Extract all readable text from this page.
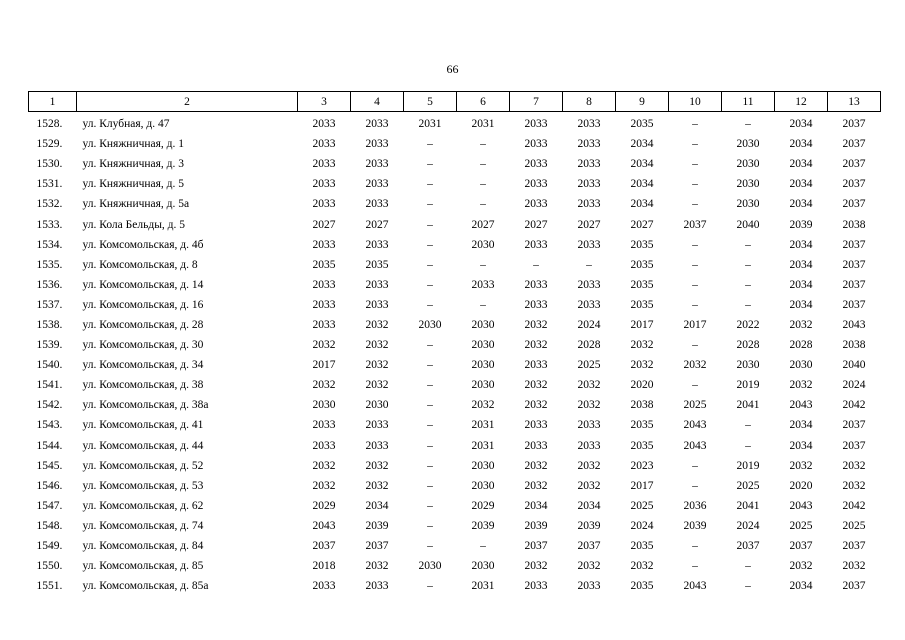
66
1	2	3	4	5	6	7	8	9	10	11	12	13
1528.	ул. Клубная, д. 47	2033	2033	2031	2031	2033	2033	2035	–	–	2034	2037
1529.	ул. Княжничная, д. 1	2033	2033	–	–	2033	2033	2034	–	2030	2034	2037
1530.	ул. Княжничная, д. 3	2033	2033	–	–	2033	2033	2034	–	2030	2034	2037
1531.	ул. Княжничная, д. 5	2033	2033	–	–	2033	2033	2034	–	2030	2034	2037
1532.	ул. Княжничная, д. 5а	2033	2033	–	–	2033	2033	2034	–	2030	2034	2037
1533.	ул. Кола Бельды, д. 5	2027	2027	–	2027	2027	2027	2027	2037	2040	2039	2038
1534.	ул. Комсомольская, д. 4б	2033	2033	–	2030	2033	2033	2035	–	–	2034	2037
1535.	ул. Комсомольская, д. 8	2035	2035	–	–	–	–	2035	–	–	2034	2037
1536.	ул. Комсомольская, д. 14	2033	2033	–	2033	2033	2033	2035	–	–	2034	2037
1537.	ул. Комсомольская, д. 16	2033	2033	–	–	2033	2033	2035	–	–	2034	2037
1538.	ул. Комсомольская, д. 28	2033	2032	2030	2030	2032	2024	2017	2017	2022	2032	2043
1539.	ул. Комсомольская, д. 30	2032	2032	–	2030	2032	2028	2032	–	2028	2028	2038
1540.	ул. Комсомольская, д. 34	2017	2032	–	2030	2033	2025	2032	2032	2030	2030	2040
1541.	ул. Комсомольская, д. 38	2032	2032	–	2030	2032	2032	2020	–	2019	2032	2024
1542.	ул. Комсомольская, д. 38а	2030	2030	–	2032	2032	2032	2038	2025	2041	2043	2042
1543.	ул. Комсомольская, д. 41	2033	2033	–	2031	2033	2033	2035	2043	–	2034	2037
1544.	ул. Комсомольская, д. 44	2033	2033	–	2031	2033	2033	2035	2043	–	2034	2037
1545.	ул. Комсомольская, д. 52	2032	2032	–	2030	2032	2032	2023	–	2019	2032	2032
1546.	ул. Комсомольская, д. 53	2032	2032	–	2030	2032	2032	2017	–	2025	2020	2032
1547.	ул. Комсомольская, д. 62	2029	2034	–	2029	2034	2034	2025	2036	2041	2043	2042
1548.	ул. Комсомольская, д. 74	2043	2039	–	2039	2039	2039	2024	2039	2024	2025	2025
1549.	ул. Комсомольская, д. 84	2037	2037	–	–	2037	2037	2035	–	2037	2037	2037
1550.	ул. Комсомольская, д. 85	2018	2032	2030	2030	2032	2032	2032	–	–	2032	2032
1551.	ул. Комсомольская, д. 85а	2033	2033	–	2031	2033	2033	2035	2043	–	2034	2037
